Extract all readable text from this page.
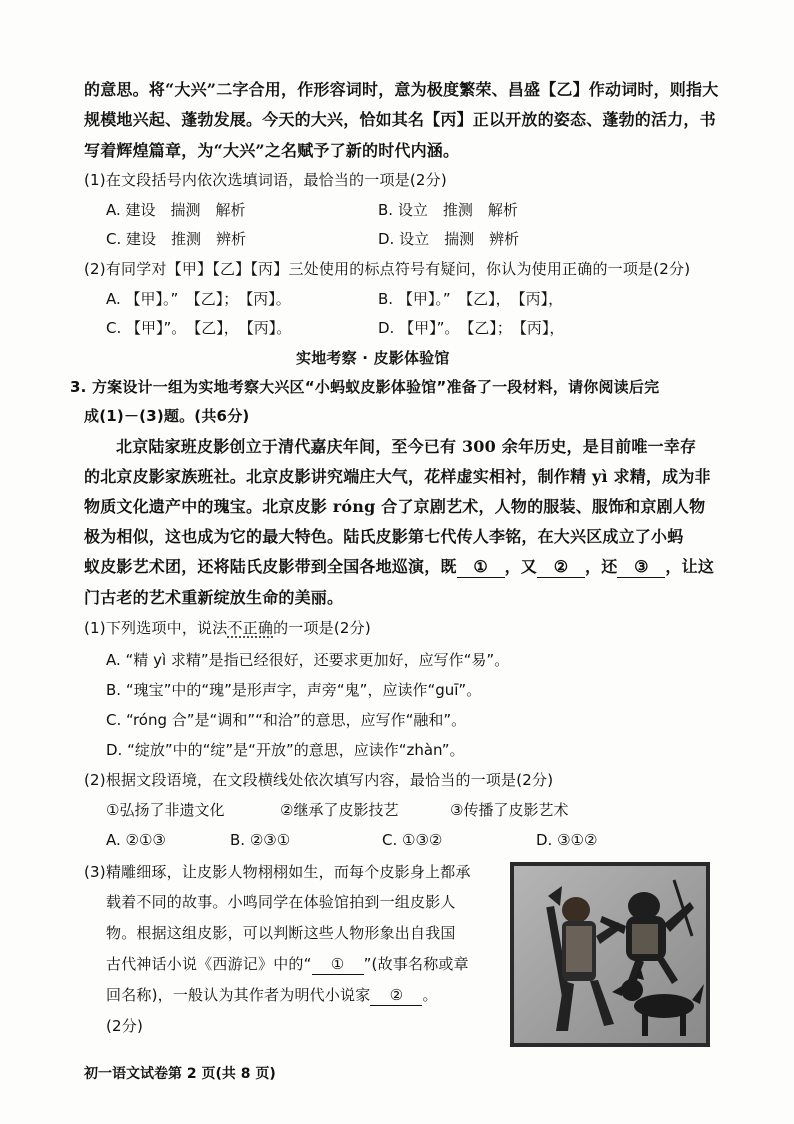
的意思。将“大兴”二字合用，作形容词时，意为极度繁荣、昌盛【乙】作动词时，则指大
规模地兴起、蓬勃发展。今天的大兴，恰如其名【丙】正以开放的姿态、蓬勃的活力，书
写着辉煌篇章，为“大兴”之名赋予了新的时代内涵。
(1)在文段括号内依次选填词语，最恰当的一项是(2分)
A. 建设　揣测　解析	B. 设立　推测　解析
C. 建设　推测　辨析	D. 设立　揣测　辨析
(2)有同学对【甲】【乙】【丙】三处使用的标点符号有疑问，你认为使用正确的一项是(2分)
A. 【甲】。”　【乙】；　【丙】。	B. 【甲】。”　【乙】，　【丙】，
C. 【甲】”。　【乙】，　【丙】。	D. 【甲】”。　【乙】；　【丙】，
实地考察 · 皮影体验馆
3. 方案设计一组为实地考察大兴区“小蚂蚁皮影体验馆”准备了一段材料，请你阅读后完
成(1)－(3)题。(共6分)
北京陆家班皮影创立于清代嘉庆年间，至今已有 300 余年历史，是目前唯一幸存
的北京皮影家族班社。北京皮影讲究端庄大气，花样虚实相衬，制作精 yì 求精，成为非
物质文化遗产中的瑰宝。北京皮影 róng 合了京剧艺术，人物的服装、服饰和京剧人物
极为相似，这也成为它的最大特色。陆氏皮影第七代传人李铭，在大兴区成立了小蚂
蚁皮影艺术团，还将陆氏皮影带到全国各地巡演，既 ① ，又 ② ，还 ③ ，让这
门古老的艺术重新绽放生命的美丽。
(1)下列选项中，说法不正确的一项是(2分)
A. “精 yì 求精”是指已经很好，还要求更加好，应写作“易”。
B. “瑰宝”中的“瑰”是形声字，声旁“鬼”，应读作“guī”。
C. “róng 合”是“调和”“和洽”的意思，应写作“融和”。
D. “绽放”中的“绽”是“开放”的意思，应读作“zhàn”。
(2)根据文段语境，在文段横线处依次填写内容，最恰当的一项是(2分)
①弘扬了非遗文化	②继承了皮影技艺	③传播了皮影艺术
A. ②①③	B. ②③①	C. ①③②	D. ③①②
(3)精雕细琢，让皮影人物栩栩如生，而每个皮影身上都承
载着不同的故事。小鸣同学在体验馆拍到一组皮影人
物。根据这组皮影，可以判断这些人物形象出自我国
古代神话小说《西游记》中的“ ① ”(故事名称或章
回名称)，一般认为其作者为明代小说家 ② 。
(2分)
初一语文试卷第 2 页(共 8 页)
